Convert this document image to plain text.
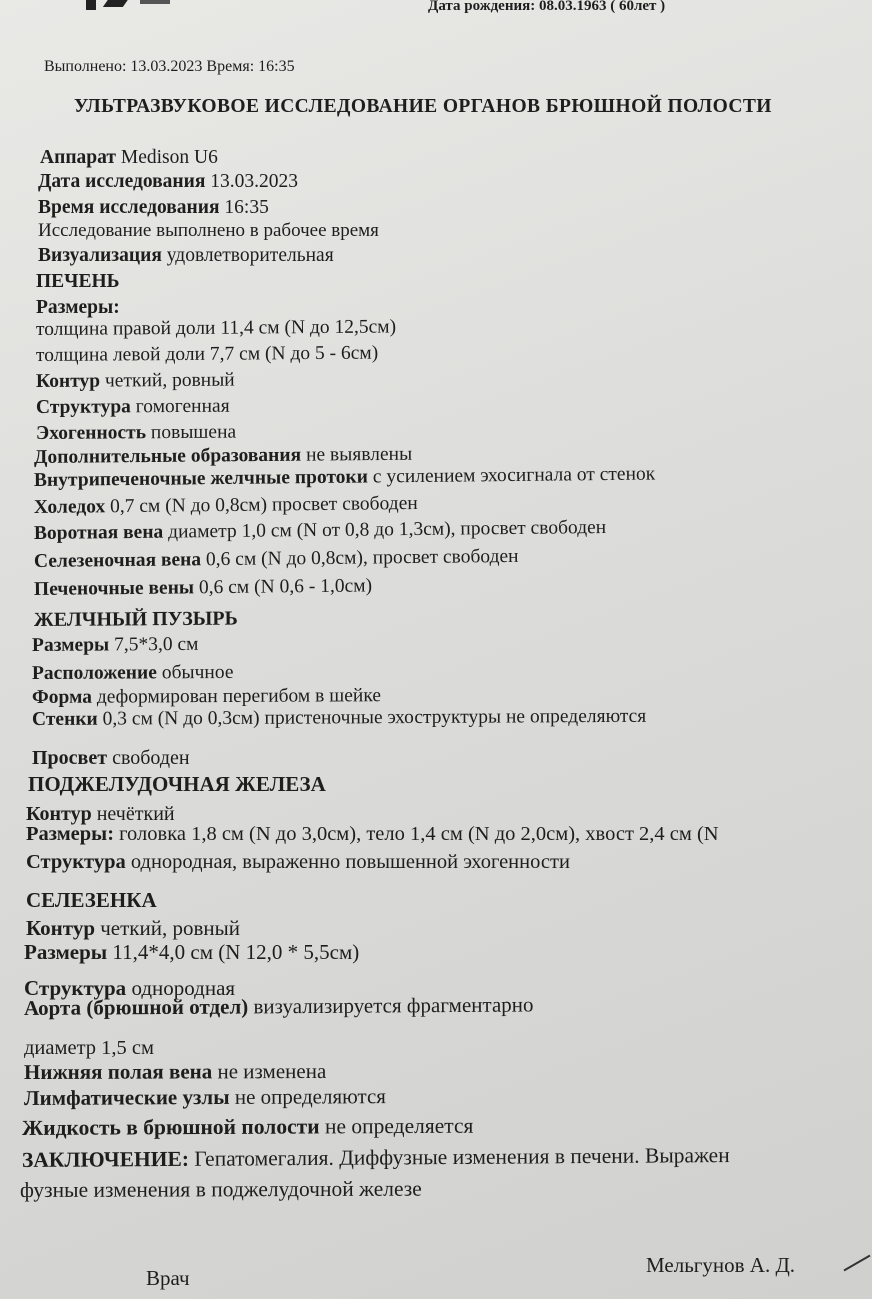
Дата рождения: 08.03.1963 ( 60лет )
Выполнено: 13.03.2023 Время: 16:35
УЛЬТРАЗВУКОВОЕ ИССЛЕДОВАНИЕ ОРГАНОВ БРЮШНОЙ ПОЛОСТИ
Аппарат Medison U6
Дата исследования 13.03.2023
Время исследования 16:35
Исследование выполнено в рабочее время
Визуализация удовлетворительная
ПЕЧЕНЬ
Размеры:
толщина правой доли 11,4 см (N до 12,5см)
толщина левой доли 7,7 см (N до 5 - 6см)
Контур четкий, ровный
Структура гомогенная
Эхогенность повышена
Дополнительные образования не выявлены
Внутрипеченочные желчные протоки с усилением эхосигнала от стенок
Холедох 0,7 см (N до 0,8см) просвет свободен
Воротная вена диаметр 1,0 см (N от 0,8 до 1,3см), просвет свободен
Селезеночная вена 0,6 см (N до 0,8см), просвет свободен
Печеночные вены 0,6 см (N 0,6 - 1,0см)
ЖЕЛЧНЫЙ ПУЗЫРЬ
Размеры 7,5*3,0 см
Расположение обычное
Форма деформирован перегибом в шейке
Стенки 0,3 см (N до 0,3см) пристеночные эхоструктуры не определяются
Просвет свободен
ПОДЖЕЛУДОЧНАЯ ЖЕЛЕЗА
Контур нечёткий
Размеры: головка 1,8 см (N до 3,0см), тело 1,4 см (N до 2,0см), хвост 2,4 см (N
Структура однородная, выраженно повышенной эхогенности
СЕЛЕЗЕНКА
Контур четкий, ровный
Размеры 11,4*4,0 см (N 12,0 * 5,5см)
Структура однородная
Аорта (брюшной отдел) визуализируется фрагментарно
диаметр 1,5 см
Нижняя полая вена не изменена
Лимфатические узлы не определяются
Жидкость в брюшной полости не определяется
ЗАКЛЮЧЕНИЕ: Гепатомегалия. Диффузные изменения в печени. Выражен
фузные изменения в поджелудочной железе
Врач
Мельгунов А. Д.
